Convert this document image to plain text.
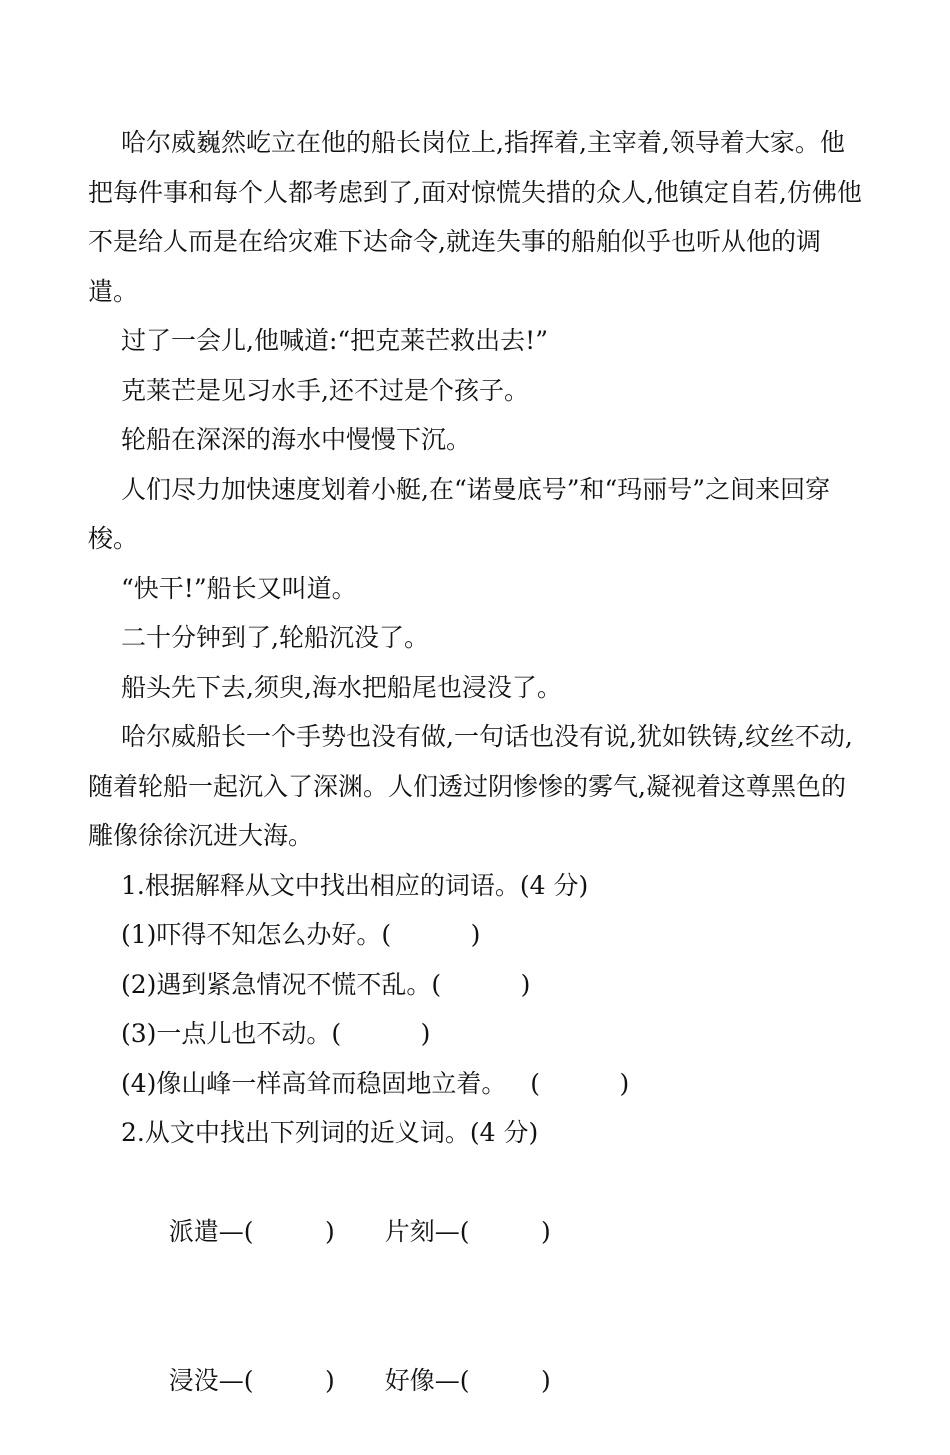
哈尔威巍然屹立在他的船长岗位上,指挥着,主宰着,领导着大家。他把每件事和每个人都考虑到了,面对惊慌失措的众人,他镇定自若,仿佛他不是给人而是在给灾难下达命令,就连失事的船舶似乎也听从他的调遣。

过了一会儿,他喊道:“把克莱芒救出去!”

克莱芒是见习水手,还不过是个孩子。

轮船在深深的海水中慢慢下沉。

人们尽力加快速度划着小艇,在“诺曼底号”和“玛丽号”之间来回穿梭。

“快干!”船长又叫道。

二十分钟到了,轮船沉没了。

船头先下去,须臾,海水把船尾也浸没了。

哈尔威船长一个手势也没有做,一句话也没有说,犹如铁铸,纹丝不动,随着轮船一起沉入了深渊。人们透过阴惨惨的雾气,凝视着这尊黑色的雕像徐徐沉进大海。

1.根据解释从文中找出相应的词语。(4 分)

(1)吓得不知怎么办好。(          )

(2)遇到紧急情况不慌不乱。(          )

(3)一点儿也不动。(          )

(4)像山峰一样高耸而稳固地立着。   (          )

2.从文中找出下列词的近义词。(4 分)

派遣—(         ) 片刻—(         )

浸没—(         ) 好像—(         )
